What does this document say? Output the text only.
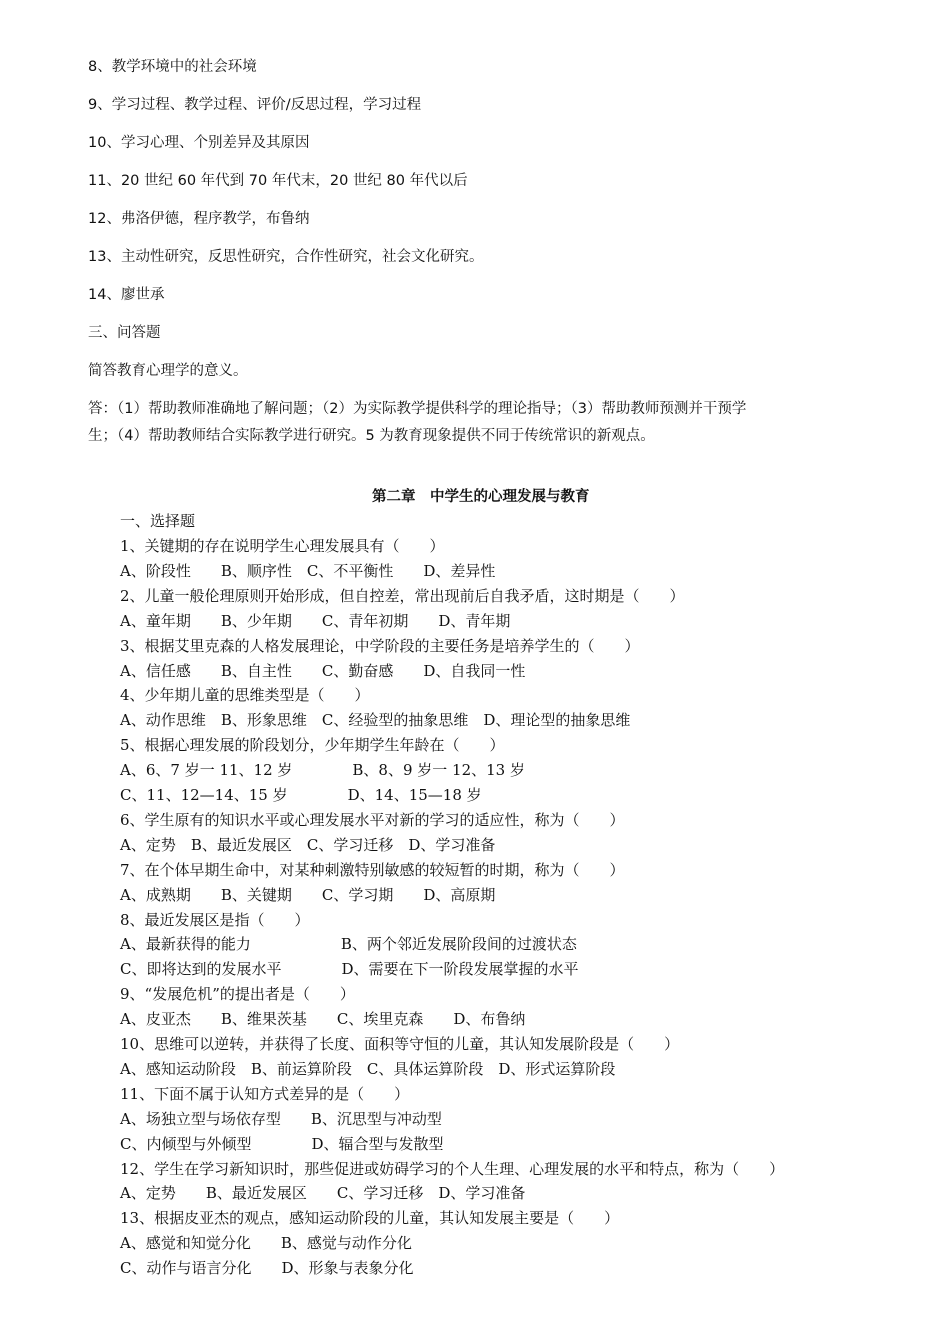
8、教学环境中的社会环境
9、学习过程、教学过程、评价/反思过程，学习过程
10、学习心理、个别差异及其原因
11、20 世纪 60 年代到 70 年代末，20 世纪 80 年代以后
12、弗洛伊德，程序教学，布鲁纳
13、主动性研究，反思性研究，合作性研究，社会文化研究。
14、廖世承
三、问答题
简答教育心理学的意义。
答：（1）帮助教师准确地了解问题；（2）为实际教学提供科学的理论指导；（3）帮助教师预测并干预学
生；（4）帮助教师结合实际教学进行研究。5 为教育现象提供不同于传统常识的新观点。
第二章　中学生的心理发展与教育
一、选择题
1、关键期的存在说明学生心理发展具有（　　）
A、阶段性　　B、顺序性　C、不平衡性　　D、差异性
2、儿童一般伦理原则开始形成，但自控差，常出现前后自我矛盾，这时期是（　　）
A、童年期　　B、少年期　　C、青年初期　　D、青年期
3、根据艾里克森的人格发展理论，中学阶段的主要任务是培养学生的（　　）
A、信任感　　B、自主性　　C、勤奋感　　D、自我同一性
4、少年期儿童的思维类型是（　　）
A、动作思维　B、形象思维　C、经验型的抽象思维　D、理论型的抽象思维
5、根据心理发展的阶段划分，少年期学生年龄在（　　）
A、6、7 岁一 11、12 岁　　　　B、8、9 岁一 12、13 岁
C、11、12—14、15 岁　　　　D、14、15—18 岁
6、学生原有的知识水平或心理发展水平对新的学习的适应性，称为（　　）
A、定势　B、最近发展区　C、学习迁移　D、学习准备
7、在个体早期生命中，对某种刺激特别敏感的较短暂的时期，称为（　　）
A、成熟期　　B、关键期　　C、学习期　　D、高原期
8、最近发展区是指（　　）
A、最新获得的能力　　　　　　B、两个邻近发展阶段间的过渡状态
C、即将达到的发展水平　　　　D、需要在下一阶段发展掌握的水平
9、“发展危机”的提出者是（　　）
A、皮亚杰　　B、维果茨基　　C、埃里克森　　D、布鲁纳
10、思维可以逆转，并获得了长度、面积等守恒的儿童，其认知发展阶段是（　　）
A、感知运动阶段　B、前运算阶段　C、具体运算阶段　D、形式运算阶段
11、下面不属于认知方式差异的是（　　）
A、场独立型与场依存型　　B、沉思型与冲动型
C、内倾型与外倾型　　　　D、辐合型与发散型
12、学生在学习新知识时，那些促进或妨碍学习的个人生理、心理发展的水平和特点，称为（　　）
A、定势　　B、最近发展区　　C、学习迁移　D、学习准备
13、根据皮亚杰的观点，感知运动阶段的儿童，其认知发展主要是（　　）
A、感觉和知觉分化　　B、感觉与动作分化
C、动作与语言分化　　D、形象与表象分化
